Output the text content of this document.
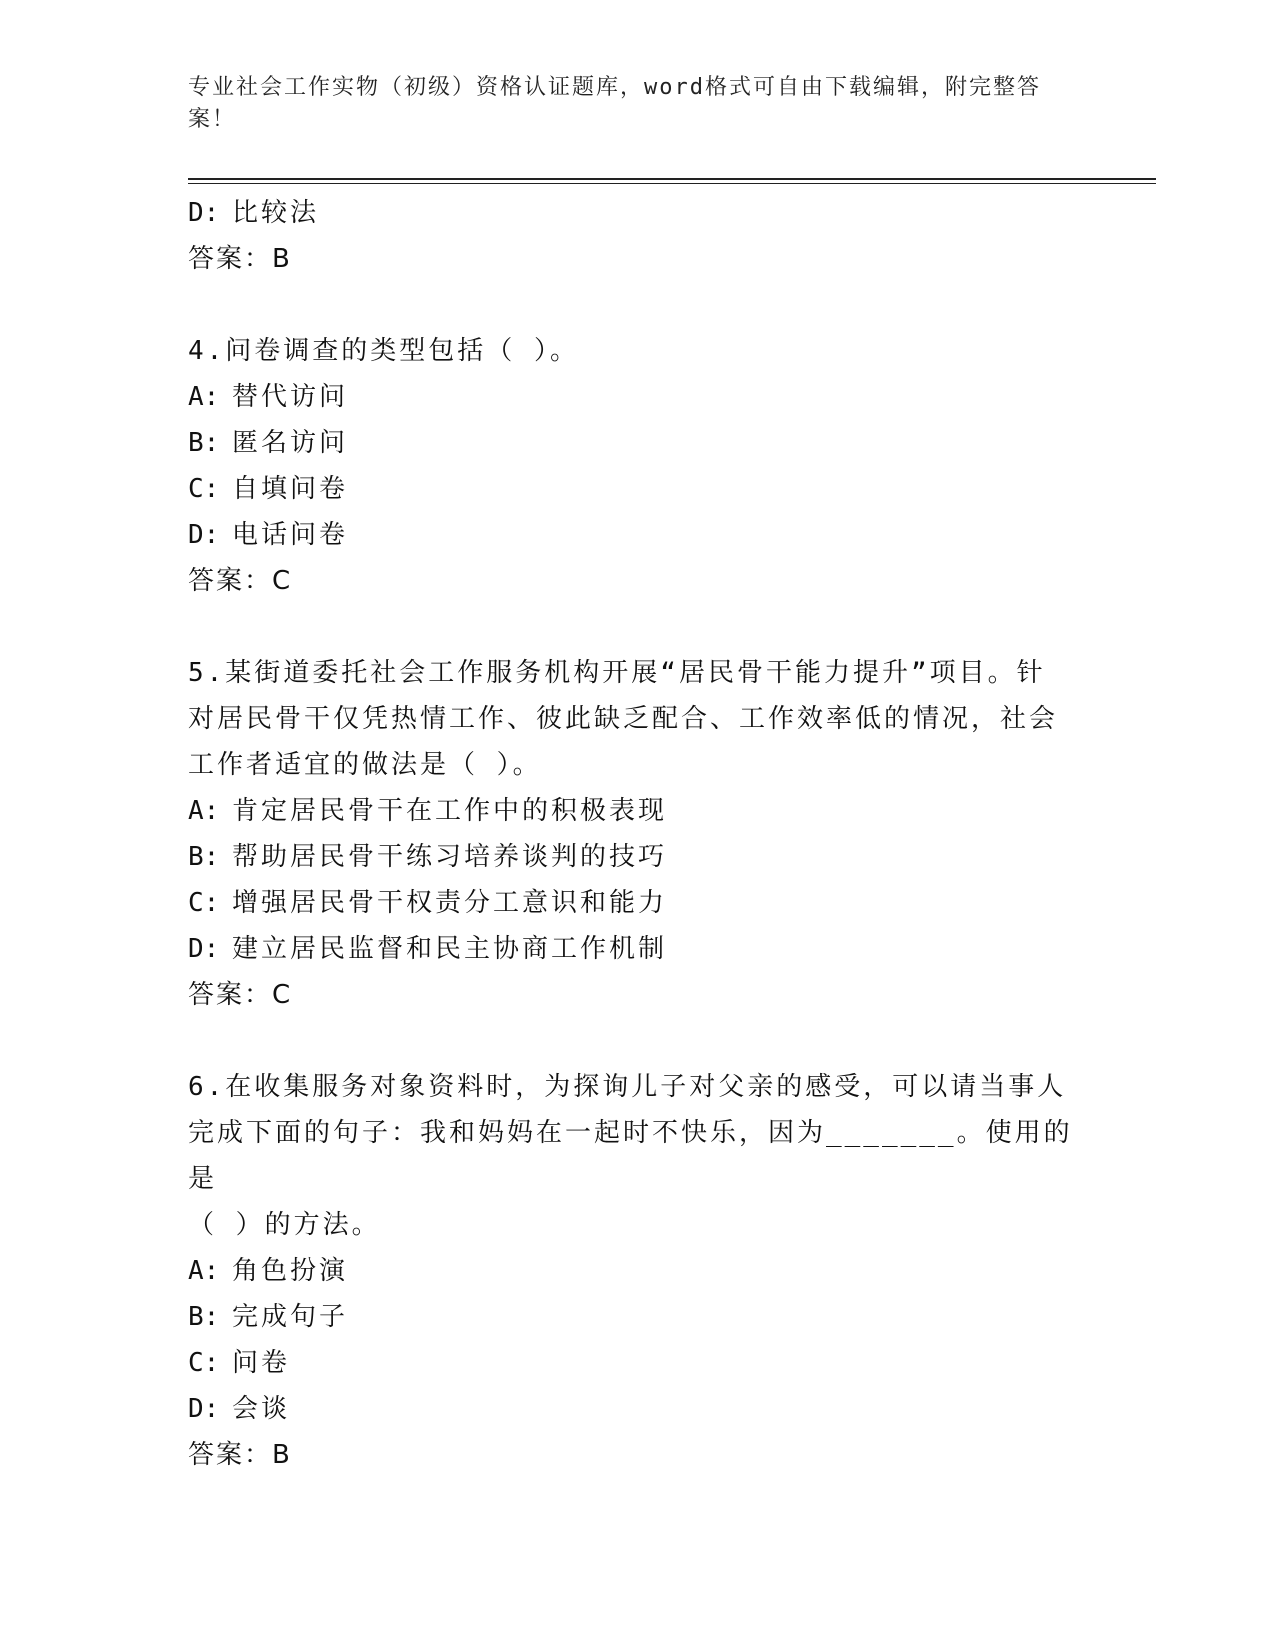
专业社会工作实物（初级）资格认证题库，word格式可自由下载编辑，附完整答
案！
D: 比较法
答案：B
4.问卷调查的类型包括（ ）。
A: 替代访问
B: 匿名访问
C: 自填问卷
D: 电话问卷
答案：C
5.某街道委托社会工作服务机构开展“居民骨干能力提升”项目。针
对居民骨干仅凭热情工作、彼此缺乏配合、工作效率低的情况，社会
工作者适宜的做法是（ ）。
A: 肯定居民骨干在工作中的积极表现
B: 帮助居民骨干练习培养谈判的技巧
C: 增强居民骨干权责分工意识和能力
D: 建立居民监督和民主协商工作机制
答案：C
6.在收集服务对象资料时，为探询儿子对父亲的感受，可以请当事人
完成下面的句子：我和妈妈在一起时不快乐，因为_______。使用的是
（ ）的方法。
A: 角色扮演
B: 完成句子
C: 问卷
D: 会谈
答案：B
